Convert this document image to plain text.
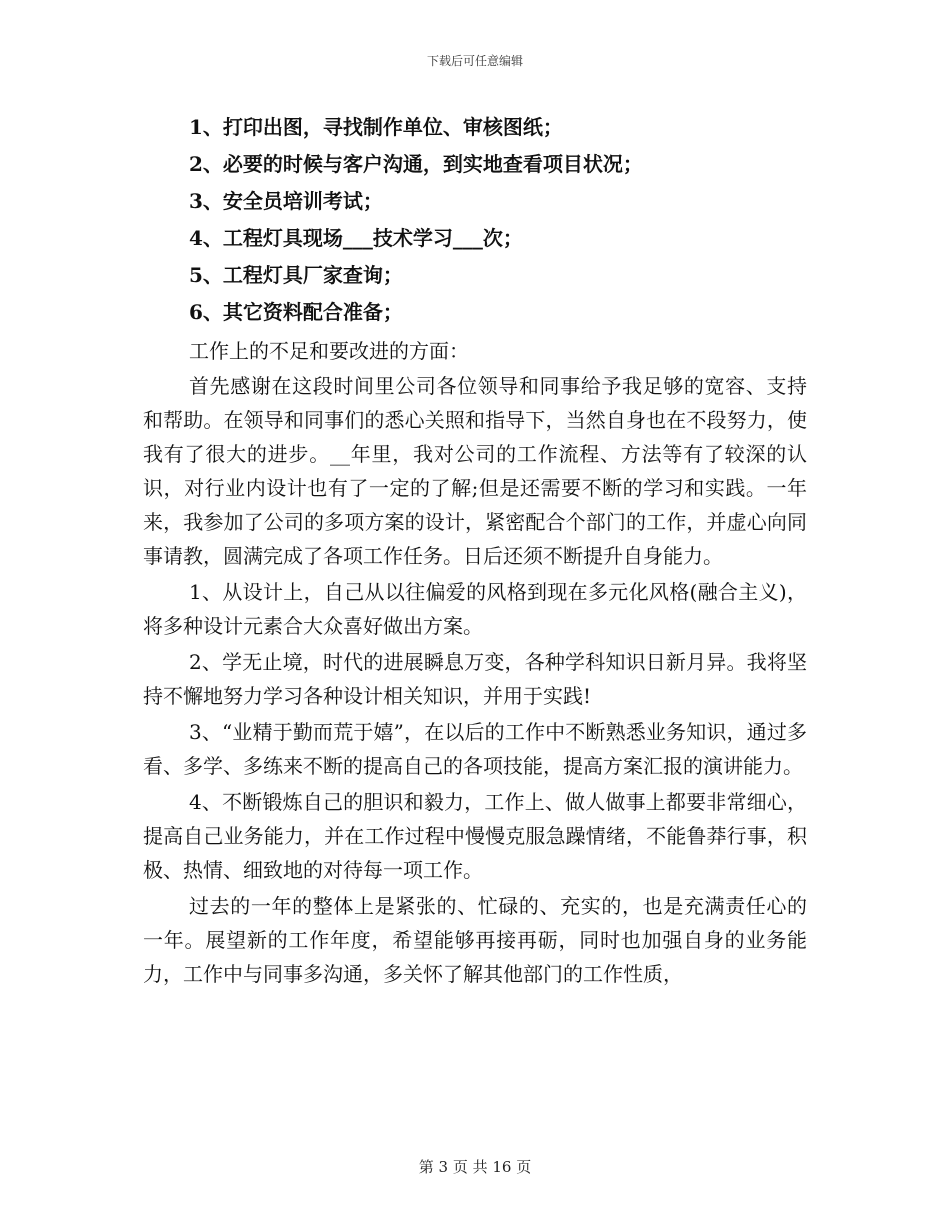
下载后可任意编辑
1、打印出图，寻找制作单位、审核图纸；
2、必要的时候与客户沟通，到实地查看项目状况；
3、安全员培训考试；
4、工程灯具现场___技术学习___次；
5、工程灯具厂家查询；
6、其它资料配合准备；
工作上的不足和要改进的方面：

首先感谢在这段时间里公司各位领导和同事给予我足够的宽容、支持和帮助。在领导和同事们的悉心关照和指导下，当然自身也在不段努力，使我有了很大的进步。__年里，我对公司的工作流程、方法等有了较深的认识，对行业内设计也有了一定的了解;但是还需要不断的学习和实践。一年来，我参加了公司的多项方案的设计，紧密配合个部门的工作，并虚心向同事请教，圆满完成了各项工作任务。日后还须不断提升自身能力。

1、从设计上，自己从以往偏爱的风格到现在多元化风格(融合主义)，将多种设计元素合大众喜好做出方案。

2、学无止境，时代的进展瞬息万变，各种学科知识日新月异。我将坚持不懈地努力学习各种设计相关知识，并用于实践!

3、“业精于勤而荒于嬉”，在以后的工作中不断熟悉业务知识，通过多看、多学、多练来不断的提高自己的各项技能，提高方案汇报的演讲能力。

4、不断锻炼自己的胆识和毅力，工作上、做人做事上都要非常细心，提高自己业务能力，并在工作过程中慢慢克服急躁情绪，不能鲁莽行事，积极、热情、细致地的对待每一项工作。

过去的一年的整体上是紧张的、忙碌的、充实的，也是充满责任心的一年。展望新的工作年度，希望能够再接再砺，同时也加强自身的业务能力，工作中与同事多沟通，多关怀了解其他部门的工作性质，

第 3 页 共 16 页
